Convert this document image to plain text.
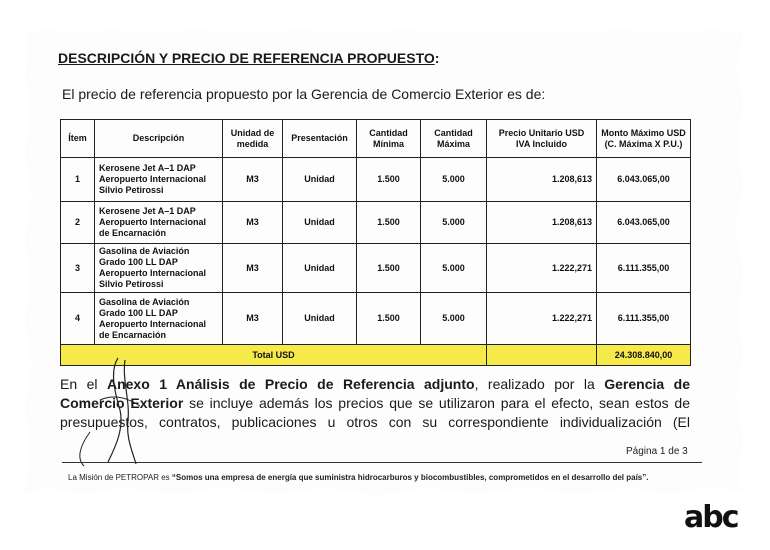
DESCRIPCIÓN Y PRECIO DE REFERENCIA PROPUESTO:
El precio de referencia propuesto por la Gerencia de Comercio Exterior es de:
Ítem	Descripción	Unidad de medida	Presentación	Cantidad Mínima	Cantidad Máxima	Precio Unitario USD IVA Incluido	Monto Máximo USD (C. Máxima X P.U.)
1	Kerosene Jet A–1 DAP Aeropuerto Internacional Silvio Petirossi	M3	Unidad	1.500	5.000	1.208,613	6.043.065,00
2	Kerosene Jet A–1 DAP Aeropuerto Internacional de Encarnación	M3	Unidad	1.500	5.000	1.208,613	6.043.065,00
3	Gasolina de Aviación Grado 100 LL DAP Aeropuerto Internacional Silvio Petirossi	M3	Unidad	1.500	5.000	1.222,271	6.111.355,00
4	Gasolina de Aviación Grado 100 LL DAP Aeropuerto Internacional de Encarnación	M3	Unidad	1.500	5.000	1.222,271	6.111.355,00
Total USD							24.308.840,00
En el Anexo 1 Análisis de Precio de Referencia adjunto, realizado por la Gerencia de
Comercio Exterior se incluye además los precios que se utilizaron para el efecto, sean estos de
presupuestos, contratos, publicaciones u otros con su correspondiente individualización (El
Página 1 de 3
La Misión de PETROPAR es “Somos una empresa de energía que suministra hidrocarburos y biocombustibles, comprometidos en el desarrollo del país”.
abc
